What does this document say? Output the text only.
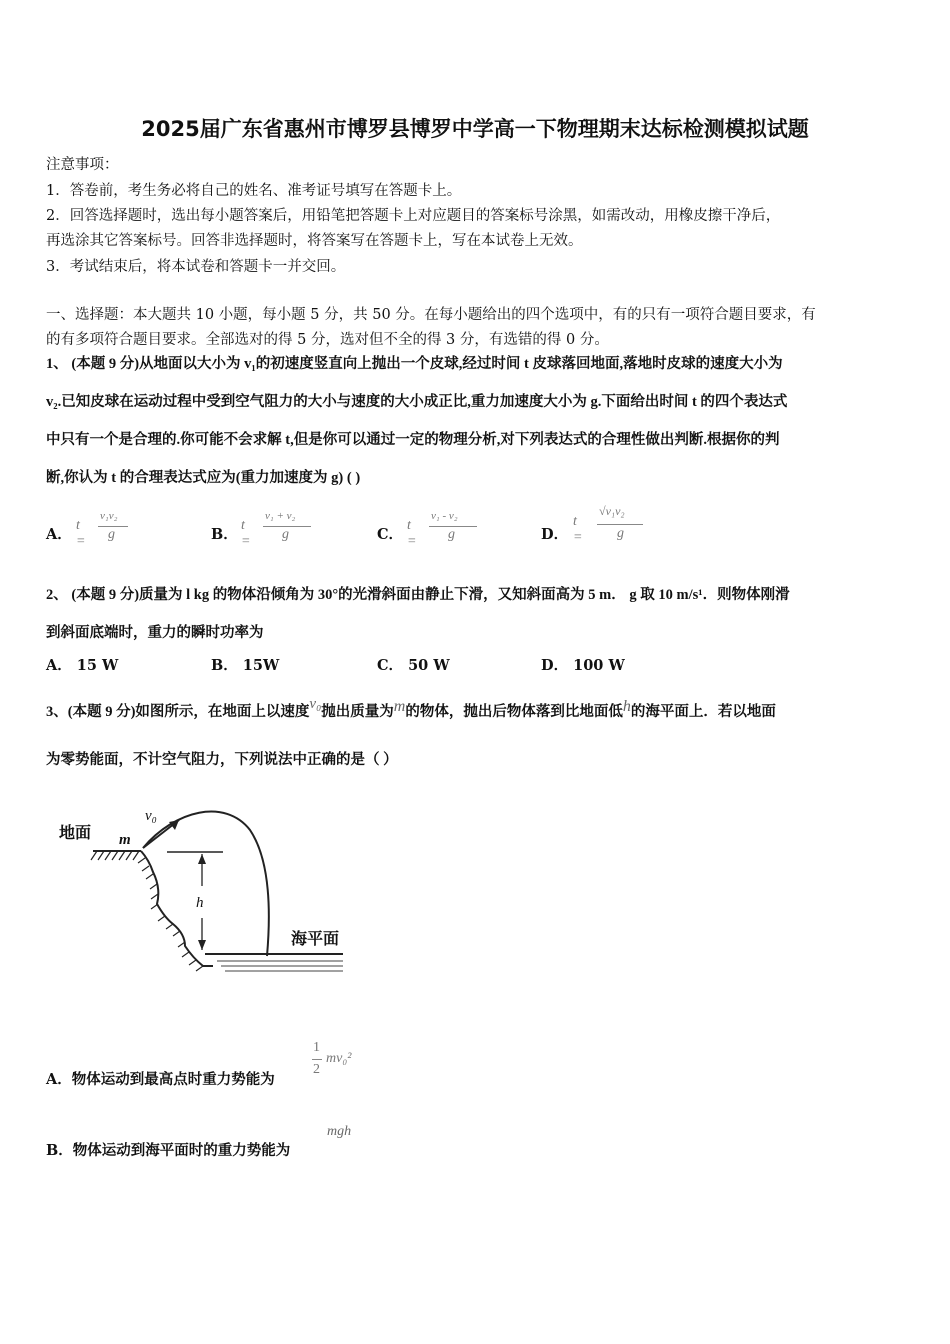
2025届广东省惠州市博罗县博罗中学高一下物理期末达标检测模拟试题
注意事项：
1．答卷前，考生务必将自己的姓名、准考证号填写在答题卡上。
2．回答选择题时，选出每小题答案后，用铅笔把答题卡上对应题目的答案标号涂黑，如需改动，用橡皮擦干净后，
再选涂其它答案标号。回答非选择题时，将答案写在答题卡上，写在本试卷上无效。
3．考试结束后，将本试卷和答题卡一并交回。
一、选择题：本大题共 10 小题，每小题 5 分，共 50 分。在每小题给出的四个选项中，有的只有一项符合题目要求，有
的有多项符合题目要求。全部选对的得 5 分，选对但不全的得 3 分，有选错的得 0 分。
1、 (本题 9 分)从地面以大小为 v₁的初速度竖直向上抛出一个皮球,经过时间 t 皮球落回地面,落地时皮球的速度大小为
v₂.已知皮球在运动过程中受到空气阻力的大小与速度的大小成正比,重力加速度大小为 g.下面给出时间 t 的四个表达式
中只有一个是合理的.你可能不会求解 t,但是你可以通过一定的物理分析,对下列表达式的合理性做出判断.根据你的判
断,你认为 t 的合理表达式应为(重力加速度为 g) ( )
A．
t =
v₁v₂
g	B．
t =
v₁ + v₂
g	C．
t =
v₁ - v₂
g	D．
t =
√v₁v₂
g
2、 (本题 9 分)质量为 l kg 的物体沿倾角为 30°的光滑斜面由静止下滑，又知斜面高为 5 m． g 取 10 m/s¹．则物体刚滑
到斜面底端时，重力的瞬时功率为
A． 15 W	B． 15W	C． 50 W	D． 100 W
3、(本题 9 分)如图所示，在地面上以速度v₀抛出质量为m的物体，抛出后物体落到比地面低h的海平面上．若以地面
为零势能面，不计空气阻力，下列说法中正确的是（ ）
地面
v₀
m
h
海平面
A．物体运动到最高点时重力势能为
1
2
mv₀²
B．物体运动到海平面时的重力势能为
mgh
